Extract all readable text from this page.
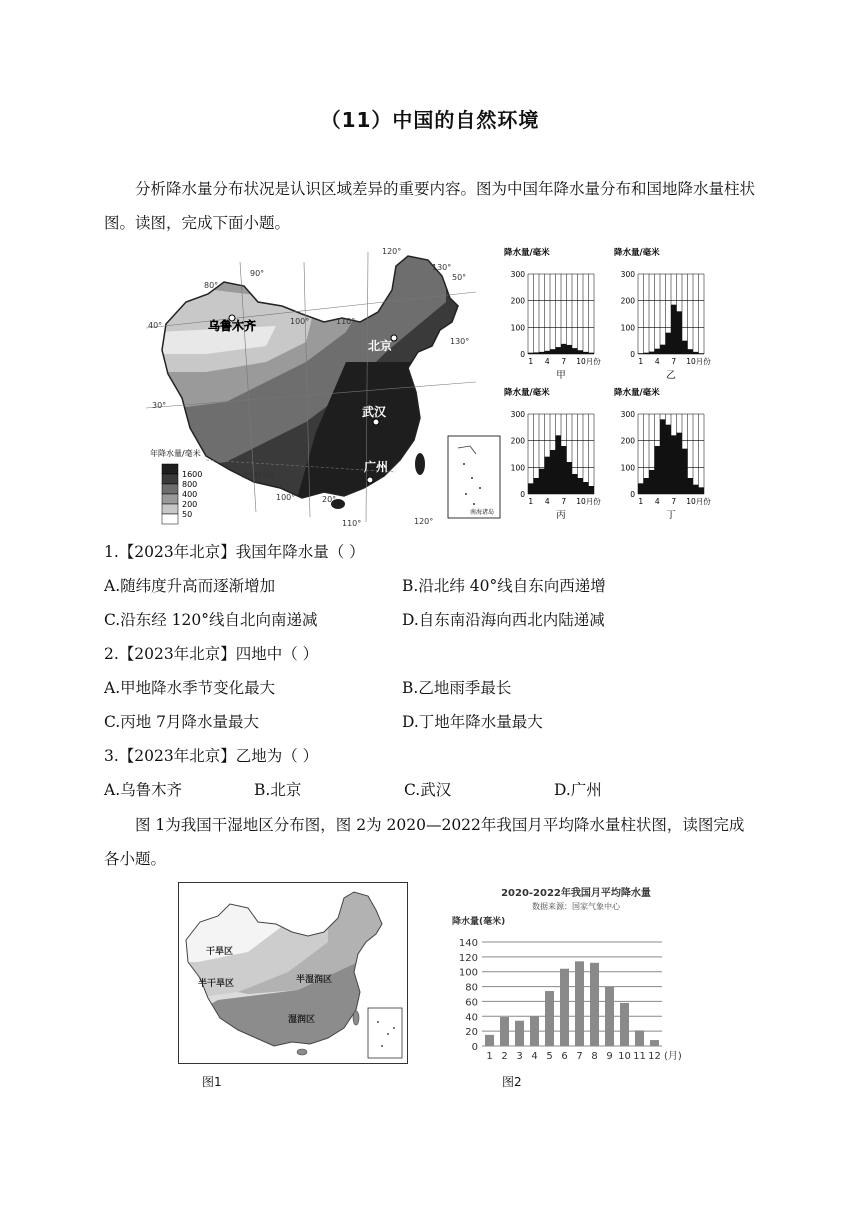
（11）中国的自然环境
分析降水量分布状况是认识区域差异的重要内容。图为中国年降水量分布和国地降水量柱状图。读图，完成下面小题。
乌鲁木齐
北京
武汉
广州
120°
130°
50°
80°
90°
100°	110°
40°
30°
130°
100°
110°	120°
20°
北回归线
年降水量/毫米
1600
800
400
200
50	南海诸岛
降水量/毫米
300
200
100
0
1 4 7 10月份
甲
降水量/毫米
300
200
100
0
1 4 7 10月份
乙
降水量/毫米
300
200
100
0
1 4 7 10月份
丙
降水量/毫米
300
200
100
0
1 4 7 10月份
丁
1.【2023年北京】我国年降水量（ ）
A.随纬度升高而逐渐增加	B.沿北纬 40°线自东向西递增
C.沿东经 120°线自北向南递减	D.自东南沿海向西北内陆递减
2.【2023年北京】四地中（ ）
A.甲地降水季节变化最大	B.乙地雨季最长
C.丙地 7月降水量最大	D.丁地年降水量最大
3.【2023年北京】乙地为（ ）
A.乌鲁木齐	B.北京	C.武汉	D.广州
图 1为我国干湿地区分布图，图 2为 2020—2022年我国月平均降水量柱状图，读图完成各小题。
干旱区
半干旱区	半湿润区
湿润区
图1
2020-2022年我国月平均降水量
数据来源：国家气象中心
降水量(毫米)
140
120
100
80
60
40
20
0
1 2 3 4 5 6 7 8 9 10 11 12 (月)
图2
